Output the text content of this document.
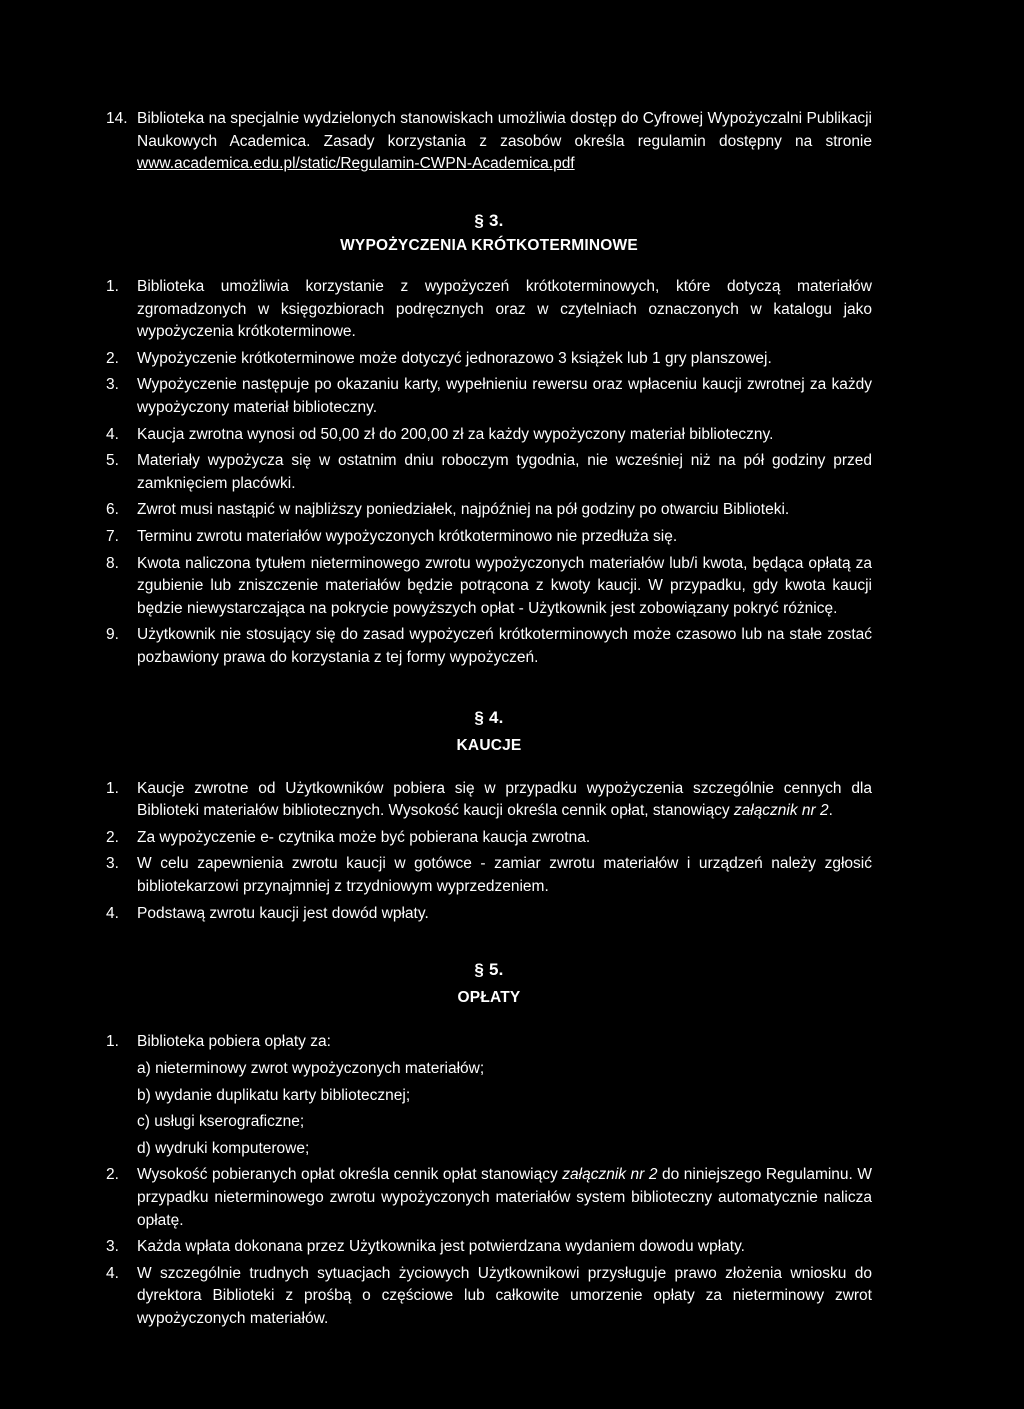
14. Biblioteka na specjalnie wydzielonych stanowiskach umożliwia dostęp do Cyfrowej Wypożyczalni Publikacji Naukowych Academica. Zasady korzystania z zasobów określa regulamin dostępny na stronie www.academica.edu.pl/static/Regulamin-CWPN-Academica.pdf
§ 3.
WYPOŻYCZENIA KRÓTKOTERMINOWE
1.	Biblioteka umożliwia korzystanie z wypożyczeń krótkoterminowych, które dotyczą materiałów zgromadzonych w księgozbiorach podręcznych oraz w czytelniach oznaczonych w katalogu jako wypożyczenia krótkoterminowe.
2.	Wypożyczenie krótkoterminowe może dotyczyć jednorazowo 3 książek lub 1 gry planszowej.
3.	Wypożyczenie następuje po okazaniu karty, wypełnieniu rewersu oraz wpłaceniu kaucji zwrotnej za każdy wypożyczony materiał biblioteczny.
4.	Kaucja zwrotna wynosi od 50,00 zł do 200,00 zł za każdy wypożyczony materiał biblioteczny.
5.	Materiały wypożycza się w ostatnim dniu roboczym tygodnia, nie wcześniej niż na pół godziny przed zamknięciem placówki.
6.	Zwrot musi nastąpić w najbliższy poniedziałek, najpóźniej na pół godziny po otwarciu Biblioteki.
7.	Terminu zwrotu materiałów wypożyczonych krótkoterminowo nie przedłuża się.
8.	Kwota naliczona tytułem nieterminowego zwrotu wypożyczonych materiałów lub/i kwota, będąca opłatą za zgubienie lub zniszczenie materiałów będzie potrącona z kwoty kaucji. W przypadku, gdy kwota kaucji będzie niewystarczająca na pokrycie powyższych opłat - Użytkownik jest zobowiązany pokryć różnicę.
9.	Użytkownik nie stosujący się do zasad wypożyczeń krótkoterminowych może czasowo lub na stałe zostać pozbawiony prawa do korzystania z tej formy wypożyczeń.
§ 4.
KAUCJE
1.	Kaucje zwrotne od Użytkowników pobiera się w przypadku wypożyczenia szczególnie cennych dla Biblioteki materiałów bibliotecznych. Wysokość kaucji określa cennik opłat, stanowiący załącznik nr 2.
2.	Za wypożyczenie e- czytnika może być pobierana kaucja zwrotna.
3.	W celu zapewnienia zwrotu kaucji w gotówce - zamiar zwrotu materiałów i urządzeń należy zgłosić bibliotekarzowi przynajmniej z trzydniowym wyprzedzeniem.
4.	Podstawą zwrotu kaucji jest dowód wpłaty.
§ 5.
OPŁATY
1.	Biblioteka pobiera opłaty za:
a) nieterminowy zwrot wypożyczonych materiałów;
b) wydanie duplikatu karty bibliotecznej;
c) usługi kserograficzne;
d) wydruki komputerowe;
2.	Wysokość pobieranych opłat określa cennik opłat stanowiący załącznik nr 2 do niniejszego Regulaminu. W przypadku nieterminowego zwrotu wypożyczonych materiałów system biblioteczny automatycznie nalicza opłatę.
3.	Każda wpłata dokonana przez Użytkownika jest potwierdzana wydaniem dowodu wpłaty.
4.	W szczególnie trudnych sytuacjach życiowych Użytkownikowi przysługuje prawo złożenia wniosku do dyrektora Biblioteki z prośbą o częściowe lub całkowite umorzenie opłaty za nieterminowy zwrot wypożyczonych materiałów.
